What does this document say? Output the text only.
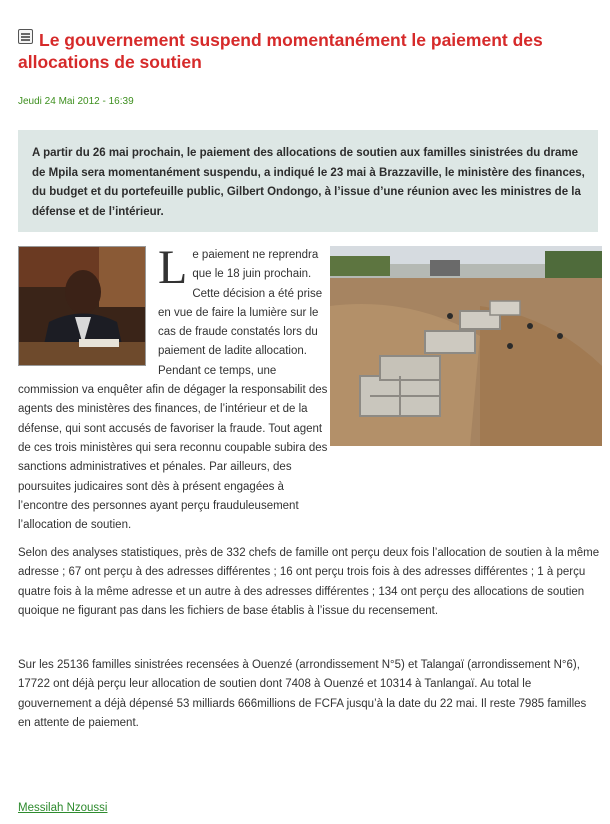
Le gouvernement suspend momentanément le paiement des allocations de soutien
Jeudi 24 Mai 2012 - 16:39
A partir du 26 mai prochain, le paiement des allocations de soutien aux familles sinistrées du drame de Mpila sera momentanément suspendu, a indiqué le 23 mai à Brazzaville, le ministère des finances, du budget et du portefeuille public, Gilbert Ondongo, à l’issue d’une réunion avec les ministres de la défense et de l’intérieur.
L e paiement ne reprendra que le 18 juin prochain. Cette décision a été prise en vue de faire la lumière sur le cas de fraude constatés lors du paiement de ladite allocation. Pendant ce temps, une commission va enquêter afin de dégager la responsabilit des agents des ministères des finances, de l’intérieur et de la défense, qui sont accusés de favoriser la fraude. Tout agent de ces trois ministères qui sera reconnu coupable subira des sanctions administratives et pénales. Par ailleurs, des poursuites judicaires sont dès à présent engagées à l’encontre des personnes ayant perçu frauduleusement l’allocation de soutien.

Selon des analyses statistiques, près de 332 chefs de famille ont perçu deux fois l’allocation de soutien à la même adresse ; 67 ont perçu à des adresses différentes ; 16 ont perçu trois fois à des adresses différentes ; 1 à perçu quatre fois à la même adresse et un autre à des adresses différentes ; 134 ont perçu des allocations de soutien quoique ne figurant pas dans les fichiers de base établis à l’issue du recensement.

Sur les 25136 familles sinistrées recensées à Ouenzé (arrondissement N°5) et Talangaï (arrondissement N°6), 17722 ont déjà perçu leur allocation de soutien dont 7408 à Ouenzé et 10314 à Tanlangaï. Au total le gouvernement a déjà dépensé 53 milliards 666millions de FCFA jusqu’à la date du 22 mai. Il reste 7985 familles en attente de paiement.

Messilah Nzoussi
